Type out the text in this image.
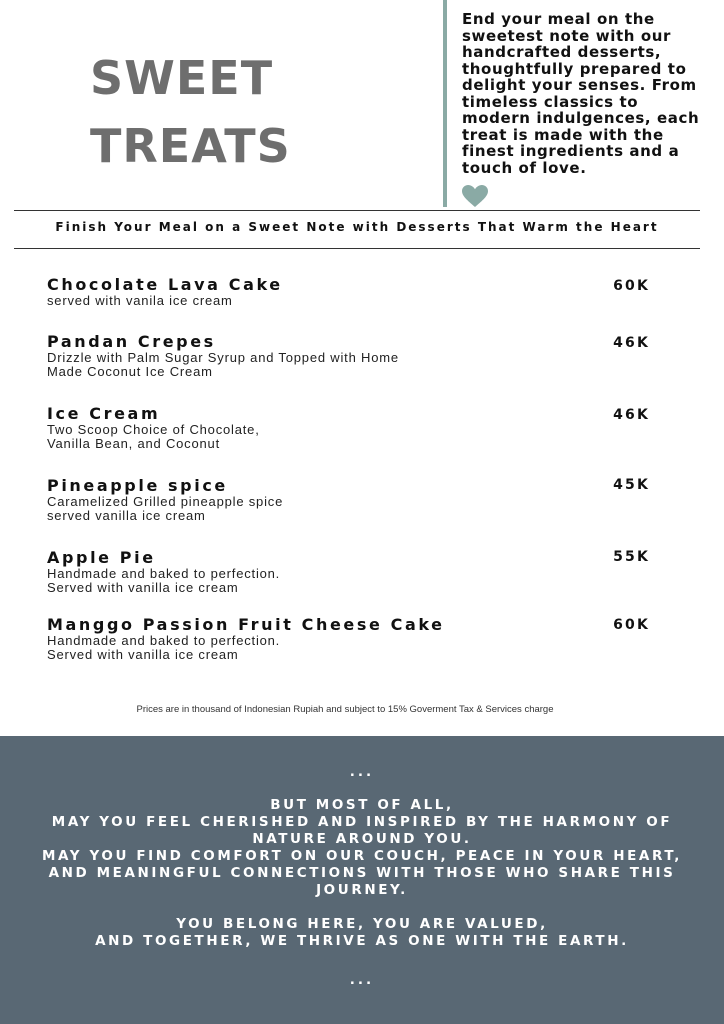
SWEET
TREATS

End your meal on the sweetest note with our handcrafted desserts, thoughtfully prepared to delight your senses. From timeless classics to modern indulgences, each treat is made with the finest ingredients and a touch of love.

Finish Your Meal on a Sweet Note with Desserts That Warm the Heart
Chocolate Lava Cake
served with vanila ice cream
60K
Pandan Crepes
Drizzle with Palm Sugar Syrup and Topped with Home
Made Coconut Ice Cream
46K
Ice Cream
Two Scoop Choice of Chocolate,
Vanilla Bean, and Coconut
46K
Pineapple spice
Caramelized Grilled pineapple spice
served vanilla ice cream
45K
Apple Pie
Handmade and baked to perfection.
Served with vanilla ice cream
55K
Manggo Passion Fruit Cheese Cake
Handmade and baked to perfection.
Served with vanilla ice cream
60K
Prices are in thousand of Indonesian Rupiah and subject to 15% Goverment Tax & Services charge
...
BUT MOST OF ALL,
MAY YOU FEEL CHERISHED AND INSPIRED BY THE HARMONY OF
NATURE AROUND YOU.
MAY YOU FIND COMFORT ON OUR COUCH, PEACE IN YOUR HEART,
AND MEANINGFUL CONNECTIONS WITH THOSE WHO SHARE THIS
JOURNEY.
YOU BELONG HERE, YOU ARE VALUED,
AND TOGETHER, WE THRIVE AS ONE WITH THE EARTH.
...
